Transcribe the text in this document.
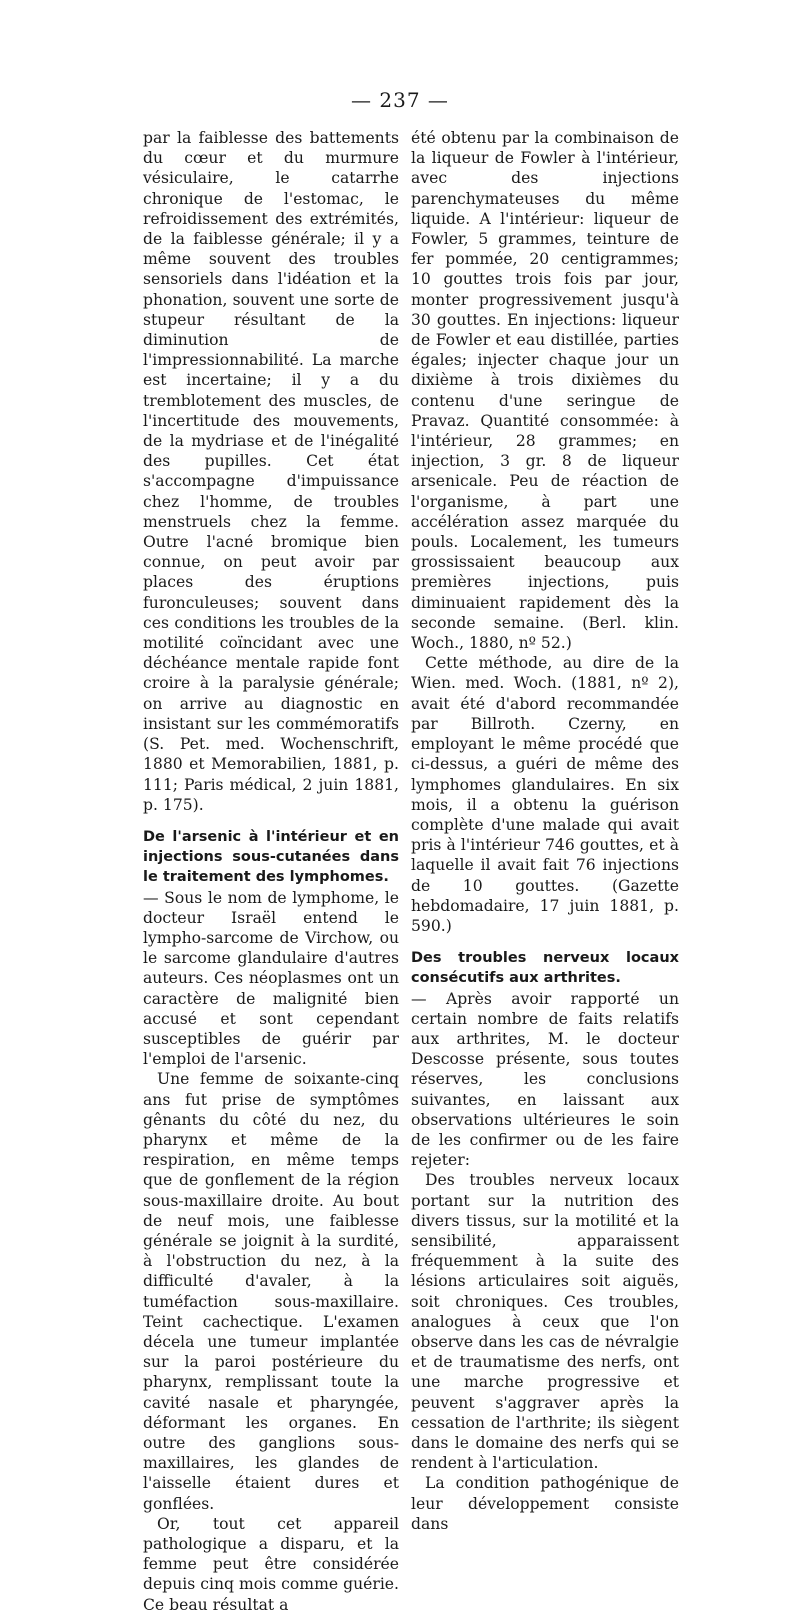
— 237 —

par la faiblesse des battements du cœur et du murmure vésiculaire, le catarrhe chronique de l'estomac, le refroidissement des extrémités, de la faiblesse générale; il y a même souvent des troubles sensoriels dans l'idéation et la phonation, souvent une sorte de stupeur résultant de la diminution de l'impressionnabilité. La marche est incertaine; il y a du tremblotement des muscles, de l'incertitude des mouvements, de la mydriase et de l'inégalité des pupilles. Cet état s'accompagne d'impuissance chez l'homme, de troubles menstruels chez la femme. Outre l'acné bromique bien connue, on peut avoir par places des éruptions furonculeuses; souvent dans ces conditions les troubles de la motilité coïncidant avec une déchéance mentale rapide font croire à la paralysie générale; on arrive au diagnostic en insistant sur les commémoratifs (S. Pet. med. Wochenschrift, 1880 et Memorabilien, 1881, p. 111; Paris médical, 2 juin 1881, p. 175).

De l'arsenic à l'intérieur et en injections sous-cutanées dans le traitement des lymphomes.

— Sous le nom de lymphome, le docteur Israël entend le lympho-sarcome de Virchow, ou le sarcome glandulaire d'autres auteurs. Ces néoplasmes ont un caractère de malignité bien accusé et sont cependant susceptibles de guérir par l'emploi de l'arsenic.

Une femme de soixante-cinq ans fut prise de symptômes gênants du côté du nez, du pharynx et même de la respiration, en même temps que de gonflement de la région sous-maxillaire droite. Au bout de neuf mois, une faiblesse générale se joignit à la surdité, à l'obstruction du nez, à la difficulté d'avaler, à la tuméfaction sous-maxillaire. Teint cachectique. L'examen décela une tumeur implantée sur la paroi postérieure du pharynx, remplissant toute la cavité nasale et pharyngée, déformant les organes. En outre des ganglions sous-maxillaires, les glandes de l'aisselle étaient dures et gonflées.

Or, tout cet appareil pathologique a disparu, et la femme peut être considérée depuis cinq mois comme guérie. Ce beau résultat a

été obtenu par la combinaison de la liqueur de Fowler à l'intérieur, avec des injections parenchymateuses du même liquide. A l'intérieur: liqueur de Fowler, 5 grammes, teinture de fer pommée, 20 centigrammes; 10 gouttes trois fois par jour, monter progressivement jusqu'à 30 gouttes. En injections: liqueur de Fowler et eau distillée, parties égales; injecter chaque jour un dixième à trois dixièmes du contenu d'une seringue de Pravaz. Quantité consommée: à l'intérieur, 28 grammes; en injection, 3 gr. 8 de liqueur arsenicale. Peu de réaction de l'organisme, à part une accélération assez marquée du pouls. Localement, les tumeurs grossissaient beaucoup aux premières injections, puis diminuaient rapidement dès la seconde semaine. (Berl. klin. Woch., 1880, nº 52.)

Cette méthode, au dire de la Wien. med. Woch. (1881, nº 2), avait été d'abord recommandée par Billroth. Czerny, en employant le même procédé que ci-dessus, a guéri de même des lymphomes glandulaires. En six mois, il a obtenu la guérison complète d'une malade qui avait pris à l'intérieur 746 gouttes, et à laquelle il avait fait 76 injections de 10 gouttes. (Gazette hebdomadaire, 17 juin 1881, p. 590.)

Des troubles nerveux locaux consécutifs aux arthrites.

— Après avoir rapporté un certain nombre de faits relatifs aux arthrites, M. le docteur Descosse présente, sous toutes réserves, les conclusions suivantes, en laissant aux observations ultérieures le soin de les confirmer ou de les faire rejeter:

Des troubles nerveux locaux portant sur la nutrition des divers tissus, sur la motilité et la sensibilité, apparaissent fréquemment à la suite des lésions articulaires soit aiguës, soit chroniques. Ces troubles, analogues à ceux que l'on observe dans les cas de névralgie et de traumatisme des nerfs, ont une marche progressive et peuvent s'aggraver après la cessation de l'arthrite; ils siègent dans le domaine des nerfs qui se rendent à l'articulation.

La condition pathogénique de leur développement consiste dans
